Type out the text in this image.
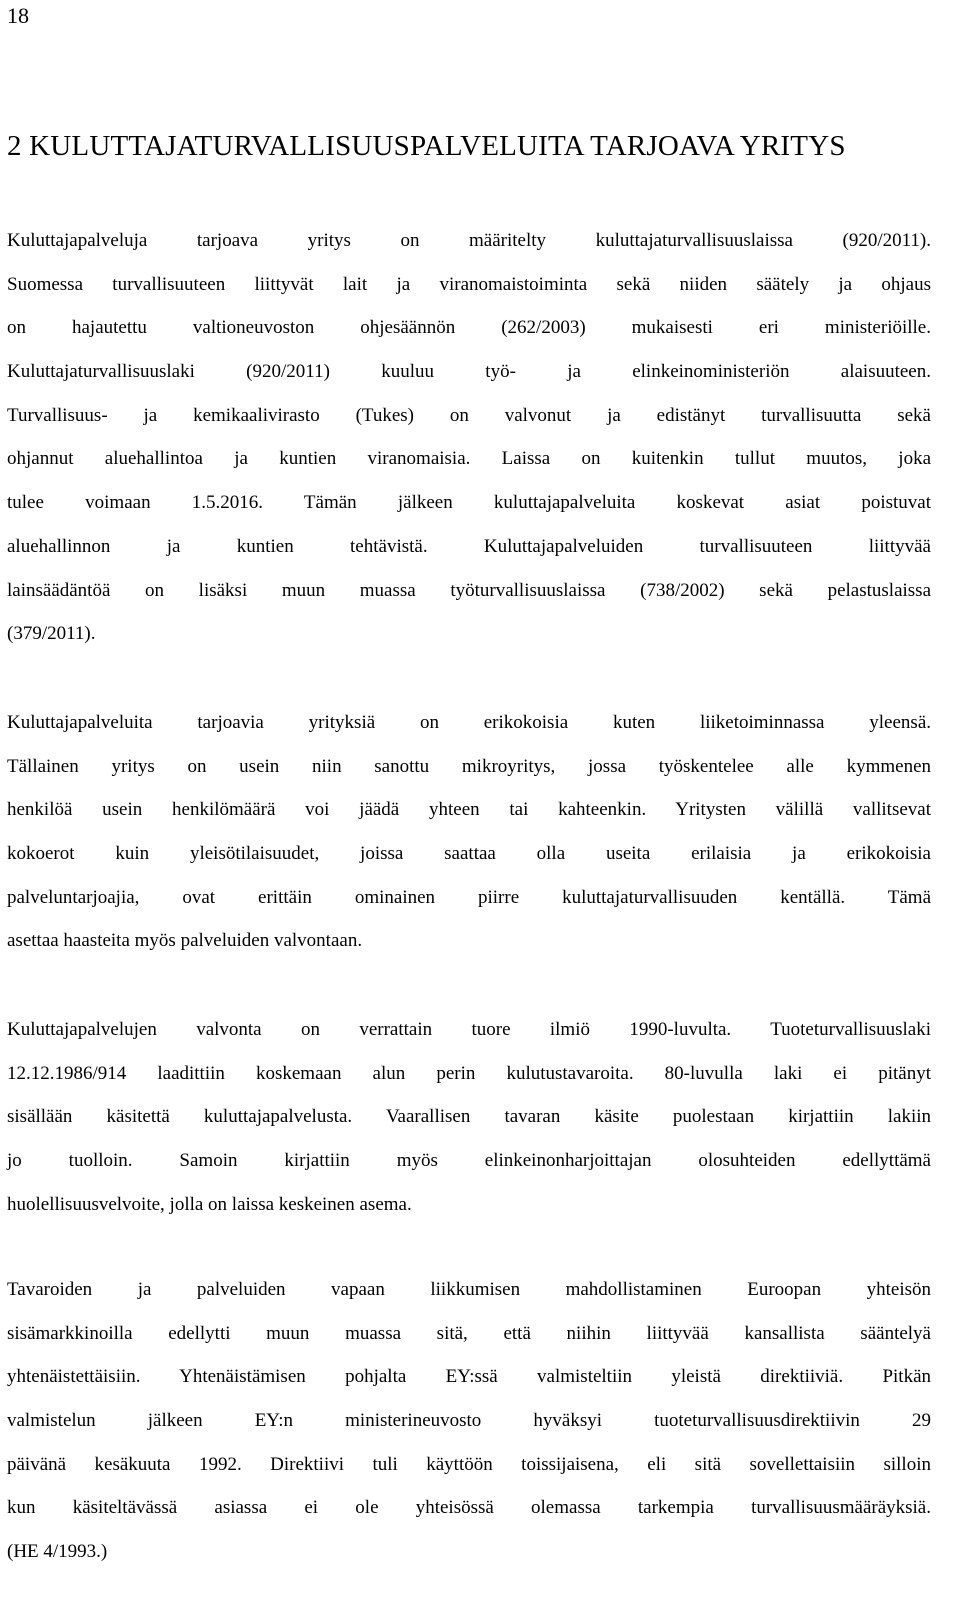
18
2 KULUTTAJATURVALLISUUSPALVELUITA TARJOAVA YRITYS
Kuluttajapalveluja tarjoava yritys on määritelty kuluttajaturvallisuuslaissa (920/2011).
Suomessa turvallisuuteen liittyvät lait ja viranomaistoiminta sekä niiden säätely ja ohjaus
on hajautettu valtioneuvoston ohjesäännön (262/2003) mukaisesti eri ministeriöille.
Kuluttajaturvallisuuslaki (920/2011) kuuluu työ- ja elinkeinoministeriön alaisuuteen.
Turvallisuus- ja kemikaalivirasto (Tukes) on valvonut ja edistänyt turvallisuutta sekä
ohjannut aluehallintoa ja kuntien viranomaisia. Laissa on kuitenkin tullut muutos, joka
tulee voimaan 1.5.2016. Tämän jälkeen kuluttajapalveluita koskevat asiat poistuvat
aluehallinnon ja kuntien tehtävistä. Kuluttajapalveluiden turvallisuuteen liittyvää
lainsäädäntöä on lisäksi muun muassa työturvallisuuslaissa (738/2002) sekä pelastuslaissa
(379/2011).
Kuluttajapalveluita tarjoavia yrityksiä on erikokoisia kuten liiketoiminnassa yleensä.
Tällainen yritys on usein niin sanottu mikroyritys, jossa työskentelee alle kymmenen
henkilöä usein henkilömäärä voi jäädä yhteen tai kahteenkin. Yritysten välillä vallitsevat
kokoerot kuin yleisötilaisuudet, joissa saattaa olla useita erilaisia ja erikokoisia
palveluntarjoajia, ovat erittäin ominainen piirre kuluttajaturvallisuuden kentällä. Tämä
asettaa haasteita myös palveluiden valvontaan.
Kuluttajapalvelujen valvonta on verrattain tuore ilmiö 1990-luvulta. Tuoteturvallisuuslaki
12.12.1986/914 laadittiin koskemaan alun perin kulutustavaroita. 80-luvulla laki ei pitänyt
sisällään käsitettä kuluttajapalvelusta. Vaarallisen tavaran käsite puolestaan kirjattiin lakiin
jo tuolloin. Samoin kirjattiin myös elinkeinonharjoittajan olosuhteiden edellyttämä
huolellisuusvelvoite, jolla on laissa keskeinen asema.
Tavaroiden ja palveluiden vapaan liikkumisen mahdollistaminen Euroopan yhteisön
sisämarkkinoilla edellytti muun muassa sitä, että niihin liittyvää kansallista sääntelyä
yhtenäistettäisiin. Yhtenäistämisen pohjalta EY:ssä valmisteltiin yleistä direktiiviä. Pitkän
valmistelun jälkeen EY:n ministerineuvosto hyväksyi tuoteturvallisuusdirektiivin 29
päivänä kesäkuuta 1992. Direktiivi tuli käyttöön toissijaisena, eli sitä sovellettaisiin silloin
kun käsiteltävässä asiassa ei ole yhteisössä olemassa tarkempia turvallisuusmääräyksiä.
(HE 4/1993.)
